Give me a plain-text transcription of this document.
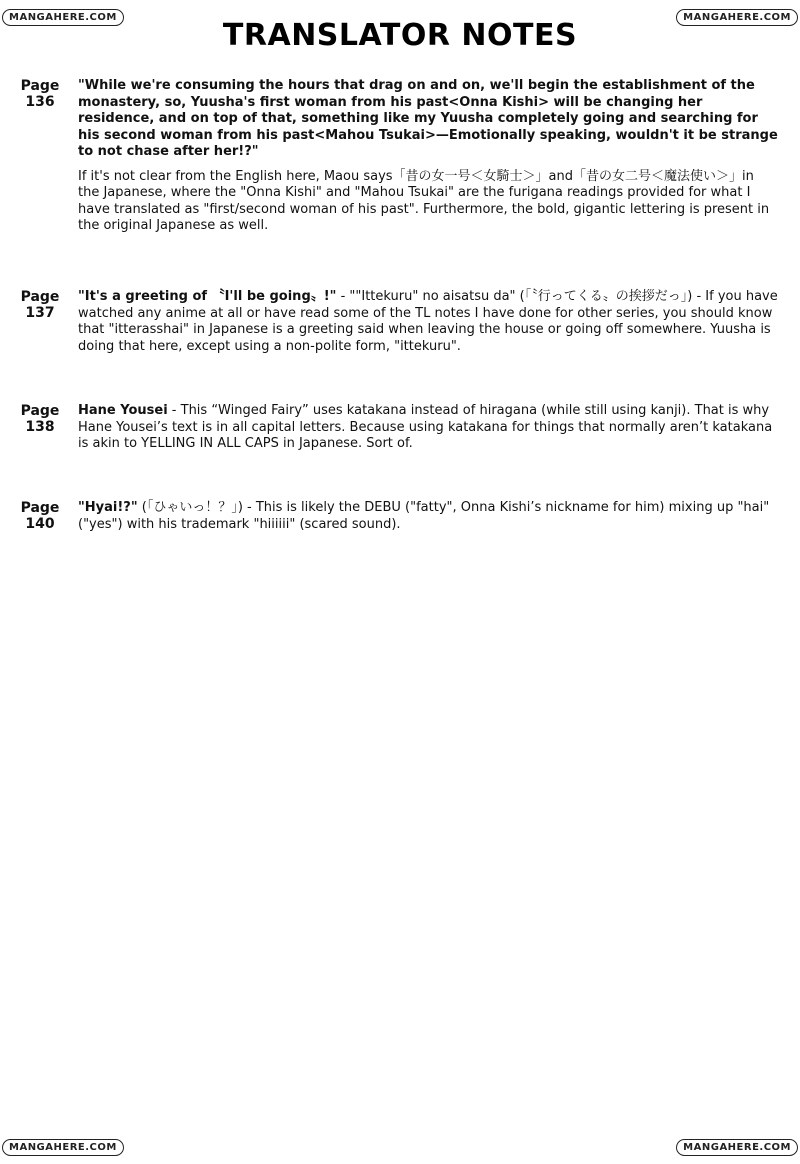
MANGAHERE.COM	MANGAHERE.COM
MANGAHERE.COM	MANGAHERE.COM
TRANSLATOR NOTES
Page
136

"While we're consuming the hours that drag on and on, we'll begin the establishment of the monastery, so, Yuusha's first woman from his past<Onna Kishi> will be changing her residence, and on top of that, something like my Yuusha completely going and searching for his second woman from his past<Mahou Tsukai>—Emotionally speaking, wouldn't it be strange to not chase after her!?"

If it's not clear from the English here, Maou says「昔の女一号＜女騎士＞」and「昔の女二号＜魔法使い＞」in the Japanese, where the "Onna Kishi" and "Mahou Tsukai" are the furigana readings provided for what I have translated as "first/second woman of his past". Furthermore, the bold, gigantic lettering is present in the original Japanese as well.

Page
137

"It's a greeting of 〝I'll be going〟!" - ""Ittekuru" no aisatsu da" (「〝行ってくる〟の挨拶だっ」) - If you have watched any anime at all or have read some of the TL notes I have done for other series, you should know that "itterasshai" in Japanese is a greeting said when leaving the house or going off somewhere. Yuusha is doing that here, except using a non-polite form, "ittekuru".

Page
138

Hane Yousei - This “Winged Fairy” uses katakana instead of hiragana (while still using kanji). That is why Hane Yousei’s text is in all capital letters. Because using katakana for things that normally aren’t katakana is akin to YELLING IN ALL CAPS in Japanese. Sort of.

Page
140

"Hyai!?" (「ひゃいっ！？」) - This is likely the DEBU ("fatty", Onna Kishi’s nickname for him) mixing up "hai" ("yes") with his trademark "hiiiiii" (scared sound).
